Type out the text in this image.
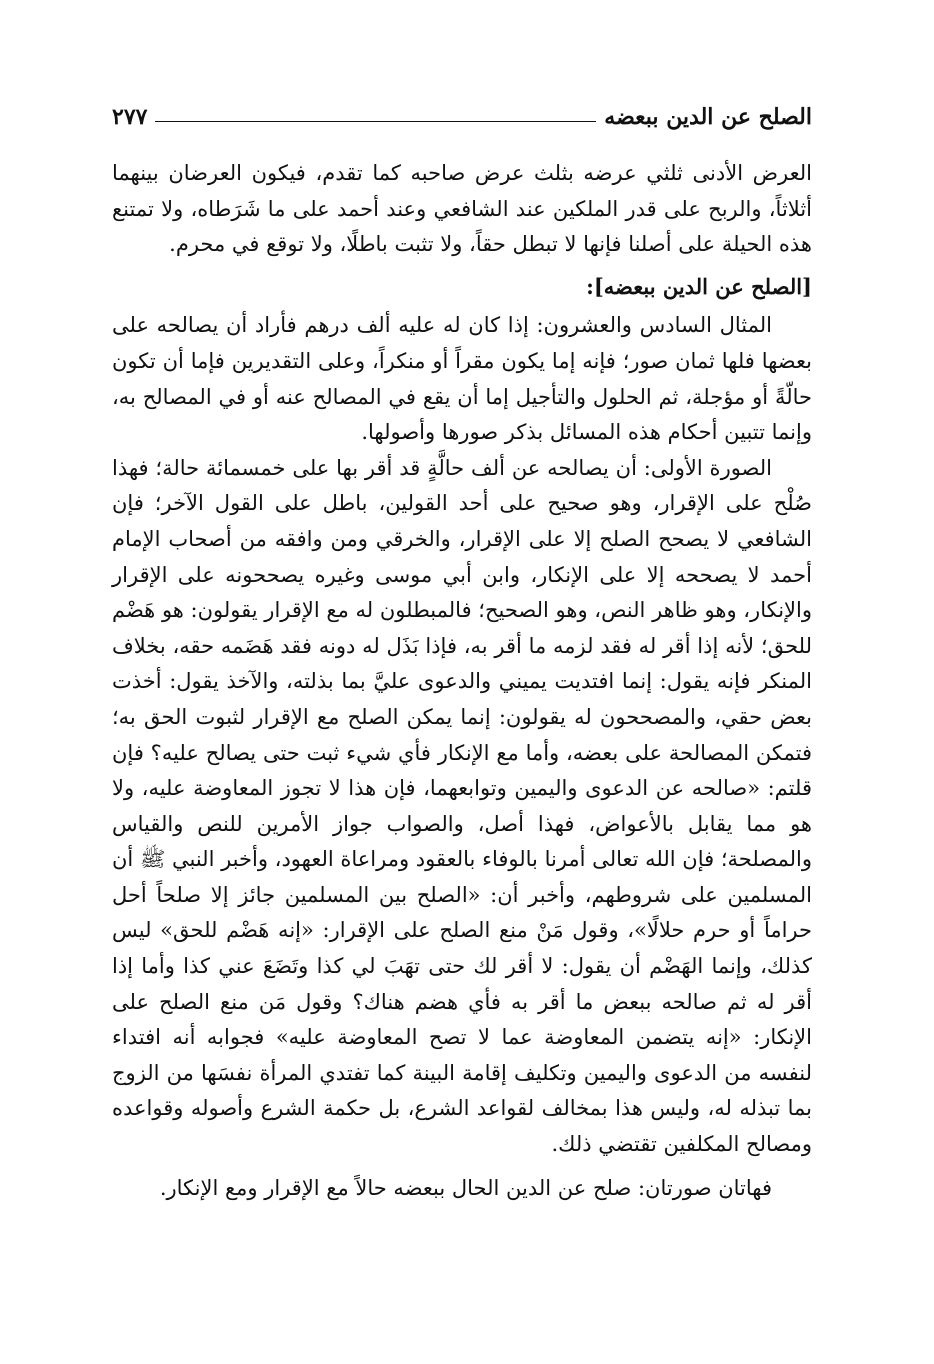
الصلح عن الدين ببعضه
٢٧٧

العرض الأدنى ثلثي عرضه بثلث عرض صاحبه كما تقدم، فيكون العرضان بينهما أثلاثاً، والربح على قدر الملكين عند الشافعي وعند أحمد على ما شَرَطاه، ولا تمتنع هذه الحيلة على أصلنا فإنها لا تبطل حقاً، ولا تثبت باطلًا، ولا توقع في محرم.

[الصلح عن الدين ببعضه]:

المثال السادس والعشرون: إذا كان له عليه ألف درهم فأراد أن يصالحه على بعضها فلها ثمان صور؛ فإنه إما يكون مقراً أو منكراً، وعلى التقديرين فإما أن تكون حالّةً أو مؤجلة، ثم الحلول والتأجيل إما أن يقع في المصالح عنه أو في المصالح به، وإنما تتبين أحكام هذه المسائل بذكر صورها وأصولها.

الصورة الأولى: أن يصالحه عن ألف حالَّةٍ قد أقر بها على خمسمائة حالة؛ فهذا صُلْح على الإقرار، وهو صحيح على أحد القولين، باطل على القول الآخر؛ فإن الشافعي لا يصحح الصلح إلا على الإقرار، والخرقي ومن وافقه من أصحاب الإمام أحمد لا يصححه إلا على الإنكار، وابن أبي موسى وغيره يصححونه على الإقرار والإنكار، وهو ظاهر النص، وهو الصحيح؛ فالمبطلون له مع الإقرار يقولون: هو هَضْم للحق؛ لأنه إذا أقر له فقد لزمه ما أقر به، فإذا بَذَل له دونه فقد هَضَمه حقه، بخلاف المنكر فإنه يقول: إنما افتديت يميني والدعوى عليَّ بما بذلته، والآخذ يقول: أخذت بعض حقي، والمصححون له يقولون: إنما يمكن الصلح مع الإقرار لثبوت الحق به؛ فتمكن المصالحة على بعضه، وأما مع الإنكار فأي شيء ثبت حتى يصالح عليه؟ فإن قلتم: «صالحه عن الدعوى واليمين وتوابعهما، فإن هذا لا تجوز المعاوضة عليه، ولا هو مما يقابل بالأعواض، فهذا أصل، والصواب جواز الأمرين للنص والقياس والمصلحة؛ فإن الله تعالى أمرنا بالوفاء بالعقود ومراعاة العهود، وأخبر النبي ﷺ أن المسلمين على شروطهم، وأخبر أن: «الصلح بين المسلمين جائز إلا صلحاً أحل حراماً أو حرم حلالًا»، وقول مَنْ منع الصلح على الإقرار: «إنه هَضْم للحق» ليس كذلك، وإنما الهَضْم أن يقول: لا أقر لك حتى تهَبَ لي كذا وتَضَعَ عني كذا وأما إذا أقر له ثم صالحه ببعض ما أقر به فأي هضم هناك؟ وقول مَن منع الصلح على الإنكار: «إنه يتضمن المعاوضة عما لا تصح المعاوضة عليه» فجوابه أنه افتداء لنفسه من الدعوى واليمين وتكليف إقامة البينة كما تفتدي المرأة نفسَها من الزوج بما تبذله له، وليس هذا بمخالف لقواعد الشرع، بل حكمة الشرع وأصوله وقواعده ومصالح المكلفين تقتضي ذلك.

فهاتان صورتان: صلح عن الدين الحال ببعضه حالاً مع الإقرار ومع الإنكار.
